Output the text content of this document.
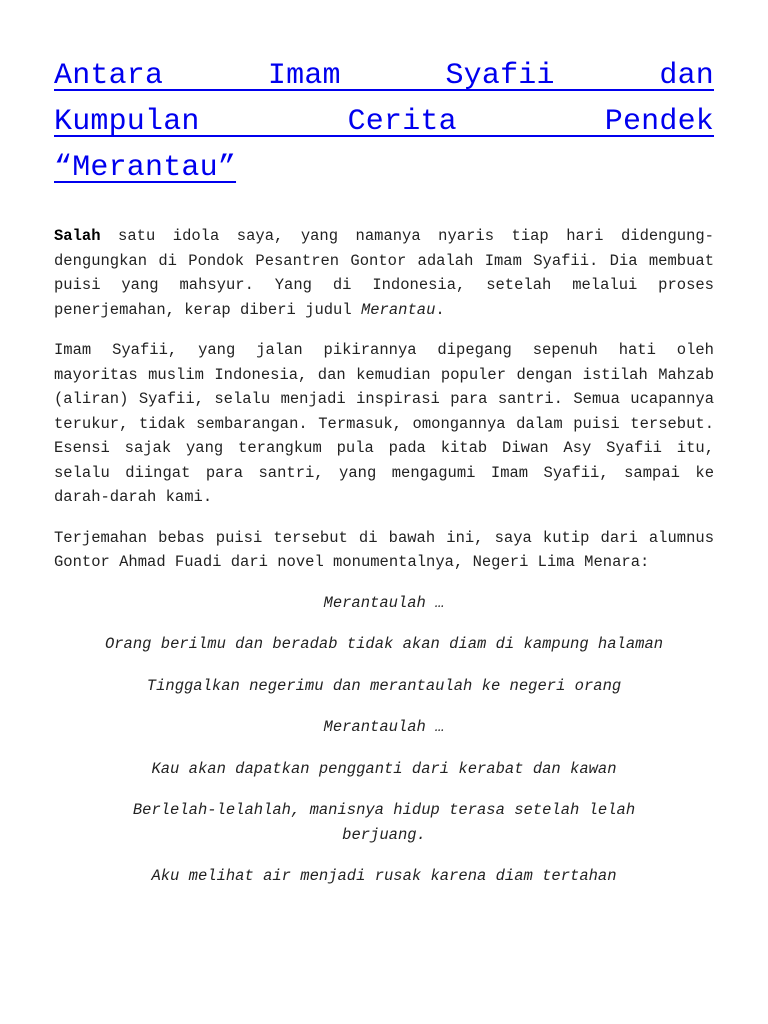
Antara Imam Syafii dan
Kumpulan Cerita Pendek
“Merantau”

Salah satu idola saya, yang namanya nyaris tiap hari didengung-dengungkan di Pondok Pesantren Gontor adalah Imam Syafii. Dia membuat puisi yang mahsyur. Yang di Indonesia, setelah melalui proses penerjemahan, kerap diberi judul Merantau.

Imam Syafii, yang jalan pikirannya dipegang sepenuh hati oleh mayoritas muslim Indonesia, dan kemudian populer dengan istilah Mahzab (aliran) Syafii, selalu menjadi inspirasi para santri. Semua ucapannya terukur, tidak sembarangan. Termasuk, omongannya dalam puisi tersebut. Esensi sajak yang terangkum pula pada kitab Diwan Asy Syafii itu, selalu diingat para santri, yang mengagumi Imam Syafii, sampai ke darah-darah kami.

Terjemahan bebas puisi tersebut di bawah ini, saya kutip dari alumnus Gontor Ahmad Fuadi dari novel monumentalnya, Negeri Lima Menara:

Merantaulah …

Orang berilmu dan beradab tidak akan diam di kampung halaman

Tinggalkan negerimu dan merantaulah ke negeri orang

Merantaulah …

Kau akan dapatkan pengganti dari kerabat dan kawan

Berlelah-lelahlah, manisnya hidup terasa setelah lelah berjuang.

Aku melihat air menjadi rusak karena diam tertahan
